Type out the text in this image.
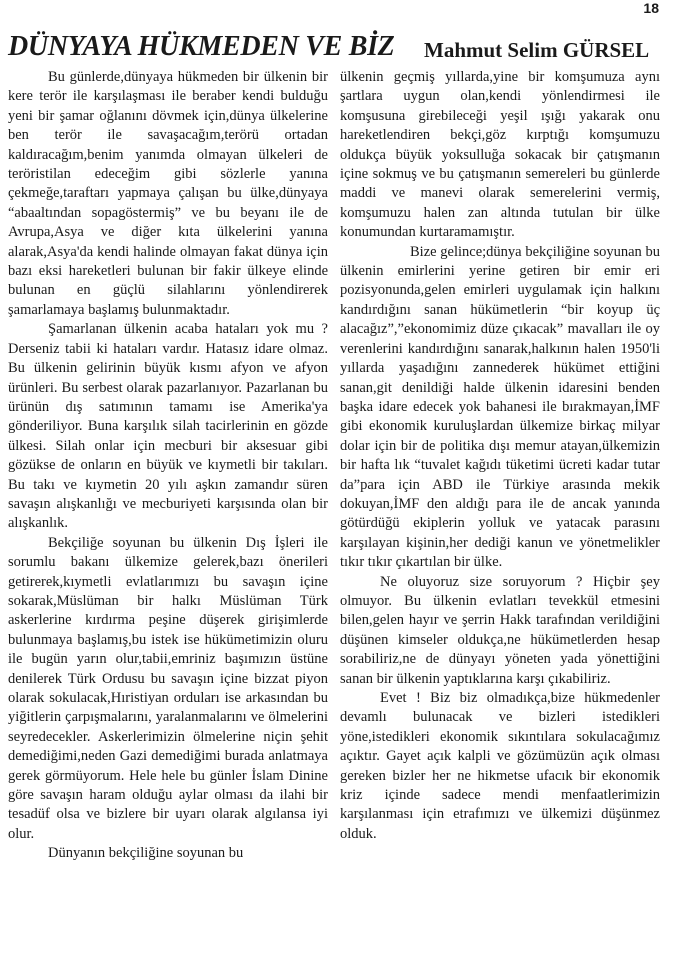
18
DÜNYAYA HÜKMEDEN VE BİZ Mahmut Selim GÜRSEL

Bu günlerde,dünyaya hükmeden bir ülkenin bir kere terör ile karşılaşması ile beraber kendi bulduğu yeni bir şamar oğlanını dövmek için,dünya ülkelerine ben terör ile savaşacağım,terörü ortadan kaldıracağım,benim yanımda olmayan ülkeleri de teröristilan edeceğim gibi sözlerle yanına çekmeğe,taraftarı yapmaya çalışan bu ülke,dünyaya “abaaltından sopagöstermiş” ve bu beyanı ile de Avrupa,Asya ve diğer kıta ülkelerini yanına alarak,Asya'da kendi halinde olmayan fakat dünya için bazı eksi hareketleri bulunan bir fakir ülkeye elinde bulunan en güçlü silahlarını yönlendirerek şamarlamaya başlamış bulunmaktadır.

Şamarlanan ülkenin acaba hataları yok mu ? Derseniz tabii ki hataları vardır. Hatasız idare olmaz. Bu ülkenin gelirinin büyük kısmı afyon ve afyon ürünleri. Bu serbest olarak pazarlanıyor. Pazarlanan bu ürünün dış satımının tamamı ise Amerika'ya gönderiliyor. Buna karşılık silah tacirlerinin en gözde ülkesi. Silah onlar için mecburi bir aksesuar gibi gözükse de onların en büyük ve kıymetli bir takıları. Bu takı ve kıymetin 20 yılı aşkın zamandır süren savaşın alışkanlığı ve mecburiyeti karşısında olan bir alışkanlık.

Bekçiliğe soyunan bu ülkenin Dış İşleri ile sorumlu bakanı ülkemize gelerek,bazı önerileri getirerek,kıymetli evlatlarımızı bu savaşın içine sokarak,Müslüman bir halkı Müslüman Türk askerlerine kırdırma peşine düşerek girişimlerde bulunmaya başlamış,bu istek ise hükümetimizin oluru ile bugün yarın olur,tabii,emriniz başımızın üstüne denilerek Türk Ordusu bu savaşın içine bizzat piyon olarak sokulacak,Hıristiyan orduları ise arkasından bu yiğitlerin çarpışmalarını, yaralanmalarını ve ölmelerini seyredecekler. Askerlerimizin ölmelerine niçin şehit demediğimi,neden Gazi demediğimi burada anlatmaya gerek görmüyorum. Hele hele bu günler İslam Dinine göre savaşın haram olduğu aylar olması da ilahi bir tesadüf olsa ve bizlere bir uyarı olarak algılansa iyi olur.

Dünyanın bekçiliğine soyunan bu

ülkenin geçmiş yıllarda,yine bir komşumuza aynı şartlara uygun olan,kendi yönlendirmesi ile komşusuna girebileceği yeşil ışığı yakarak onu hareketlendiren bekçi,göz kırptığı komşumuzu oldukça büyük yoksulluğa sokacak bir çatışmanın içine sokmuş ve bu çatışmanın semereleri bu günlerde maddi ve manevi olarak semerelerini vermiş, komşumuzu halen zan altında tutulan bir ülke konumundan kurtaramamıştır.

Bize gelince;dünya bekçiliğine soyunan bu ülkenin emirlerini yerine getiren bir emir eri pozisyonunda,gelen emirleri uygulamak için halkını kandırdığını sanan hükümetlerin “bir koyup üç alacağız”,”ekonomimiz düze çıkacak” mavalları ile oy verenlerini kandırdığını sanarak,halkının halen 1950'li yıllarda yaşadığını zannederek hükümet ettiğini sanan,git denildiği halde ülkenin idaresini benden başka idare edecek yok bahanesi ile bırakmayan,İMF gibi ekonomik kuruluşlardan ülkemize birkaç milyar dolar için bir de politika dışı memur atayan,ülkemizin bir hafta lık “tuvalet kağıdı tüketimi ücreti kadar tutar da”para için ABD ile Türkiye arasında mekik dokuyan,İMF den aldığı para ile de ancak yanında götürdüğü ekiplerin yolluk ve yatacak parasını karşılayan kişinin,her dediği kanun ve yönetmelikler tıkır tıkır çıkartılan bir ülke.

Ne oluyoruz size soruyorum ? Hiçbir şey olmuyor. Bu ülkenin evlatları tevekkül etmesini bilen,gelen hayır ve şerrin Hakk tarafından verildiğini düşünen kimseler oldukça,ne hükümetlerden hesap sorabiliriz,ne de dünyayı yöneten yada yönettiğini sanan bir ülkenin yaptıklarına karşı çıkabiliriz.

Evet ! Biz biz olmadıkça,bize hükmedenler devamlı bulunacak ve bizleri istedikleri yöne,istedikleri ekonomik sıkıntılara sokulacağımız açıktır. Gayet açık kalpli ve gözümüzün açık olması gereken bizler her ne hikmetse ufacık bir ekonomik kriz içinde sadece mendi menfaatlerimizin karşılanması için etrafımızı ve ülkemizi düşünmez olduk.
